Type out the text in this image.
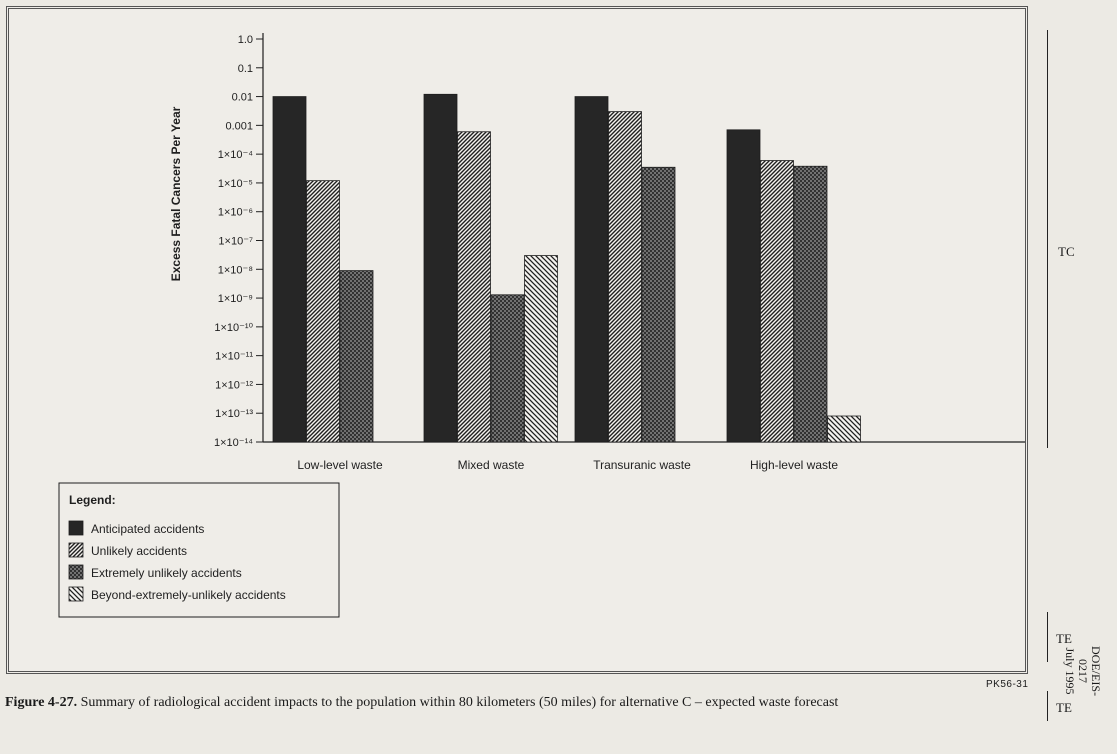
1.0
0.1
0.01
0.001
1×10⁻⁴
1×10⁻⁵
1×10⁻⁶
1×10⁻⁷
1×10⁻⁸
1×10⁻⁹
1×10⁻¹⁰
1×10⁻¹¹
1×10⁻¹²
1×10⁻¹³
1×10⁻¹⁴
Excess Fatal Cancers Per Year
Low-level waste	Mixed waste	Transuranic waste	High-level waste
Legend:
Anticipated accidents
Unlikely accidents
Extremely unlikely accidents
Beyond-extremely-unlikely accidents
PK56-31
Figure 4-27. Summary of radiological accident impacts to the population within 80 kilometers (50 miles) for alternative C – expected waste forecast
TC
TE
TE
DOE/EIS-0217
July 1995
